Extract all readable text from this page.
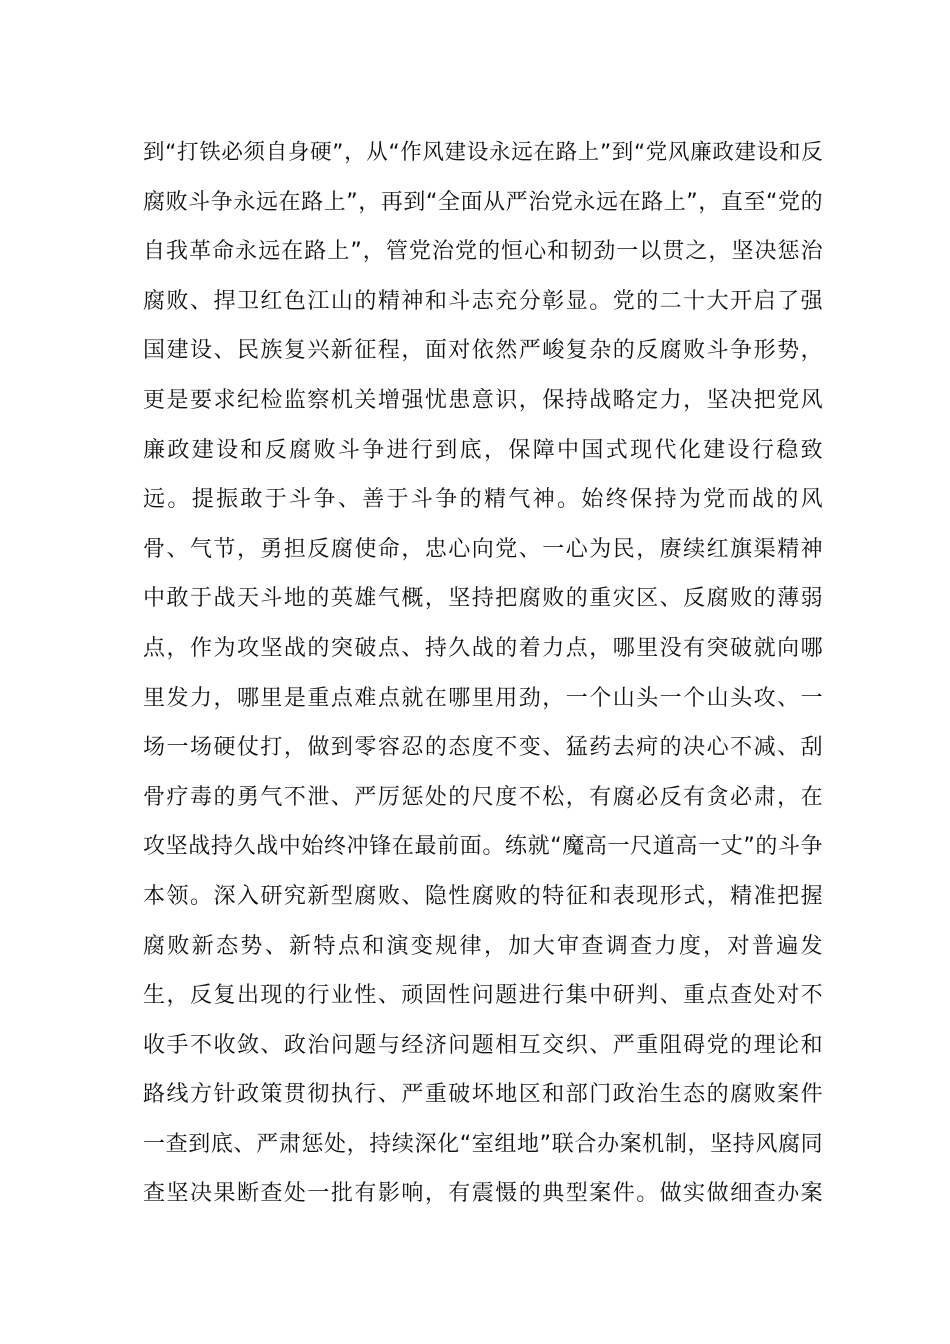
到“打铁必须自身硬”，从“作风建设永远在路上”到“党风廉政建设和反
腐败斗争永远在路上”，再到“全面从严治党永远在路上”，直至“党的
自我革命永远在路上”，管党治党的恒心和韧劲一以贯之，坚决惩治
腐败、捍卫红色江山的精神和斗志充分彰显。党的二十大开启了强
国建设、民族复兴新征程，面对依然严峻复杂的反腐败斗争形势，
更是要求纪检监察机关增强忧患意识，保持战略定力，坚决把党风
廉政建设和反腐败斗争进行到底，保障中国式现代化建设行稳致
远。提振敢于斗争、善于斗争的精气神。始终保持为党而战的风
骨、气节，勇担反腐使命，忠心向党、一心为民，赓续红旗渠精神
中敢于战天斗地的英雄气概，坚持把腐败的重灾区、反腐败的薄弱
点，作为攻坚战的突破点、持久战的着力点，哪里没有突破就向哪
里发力，哪里是重点难点就在哪里用劲，一个山头一个山头攻、一
场一场硬仗打，做到零容忍的态度不变、猛药去疴的决心不减、刮
骨疗毒的勇气不泄、严厉惩处的尺度不松，有腐必反有贪必肃，在
攻坚战持久战中始终冲锋在最前面。练就“魔高一尺道高一丈”的斗争
本领。深入研究新型腐败、隐性腐败的特征和表现形式，精准把握
腐败新态势、新特点和演变规律，加大审查调查力度，对普遍发
生，反复出现的行业性、顽固性问题进行集中研判、重点查处对不
收手不收敛、政治问题与经济问题相互交织、严重阻碍党的理论和
路线方针政策贯彻执行、严重破坏地区和部门政治生态的腐败案件
一查到底、严肃惩处，持续深化“室组地”联合办案机制，坚持风腐同
查坚决果断查处一批有影响，有震慑的典型案件。做实做细查办案
